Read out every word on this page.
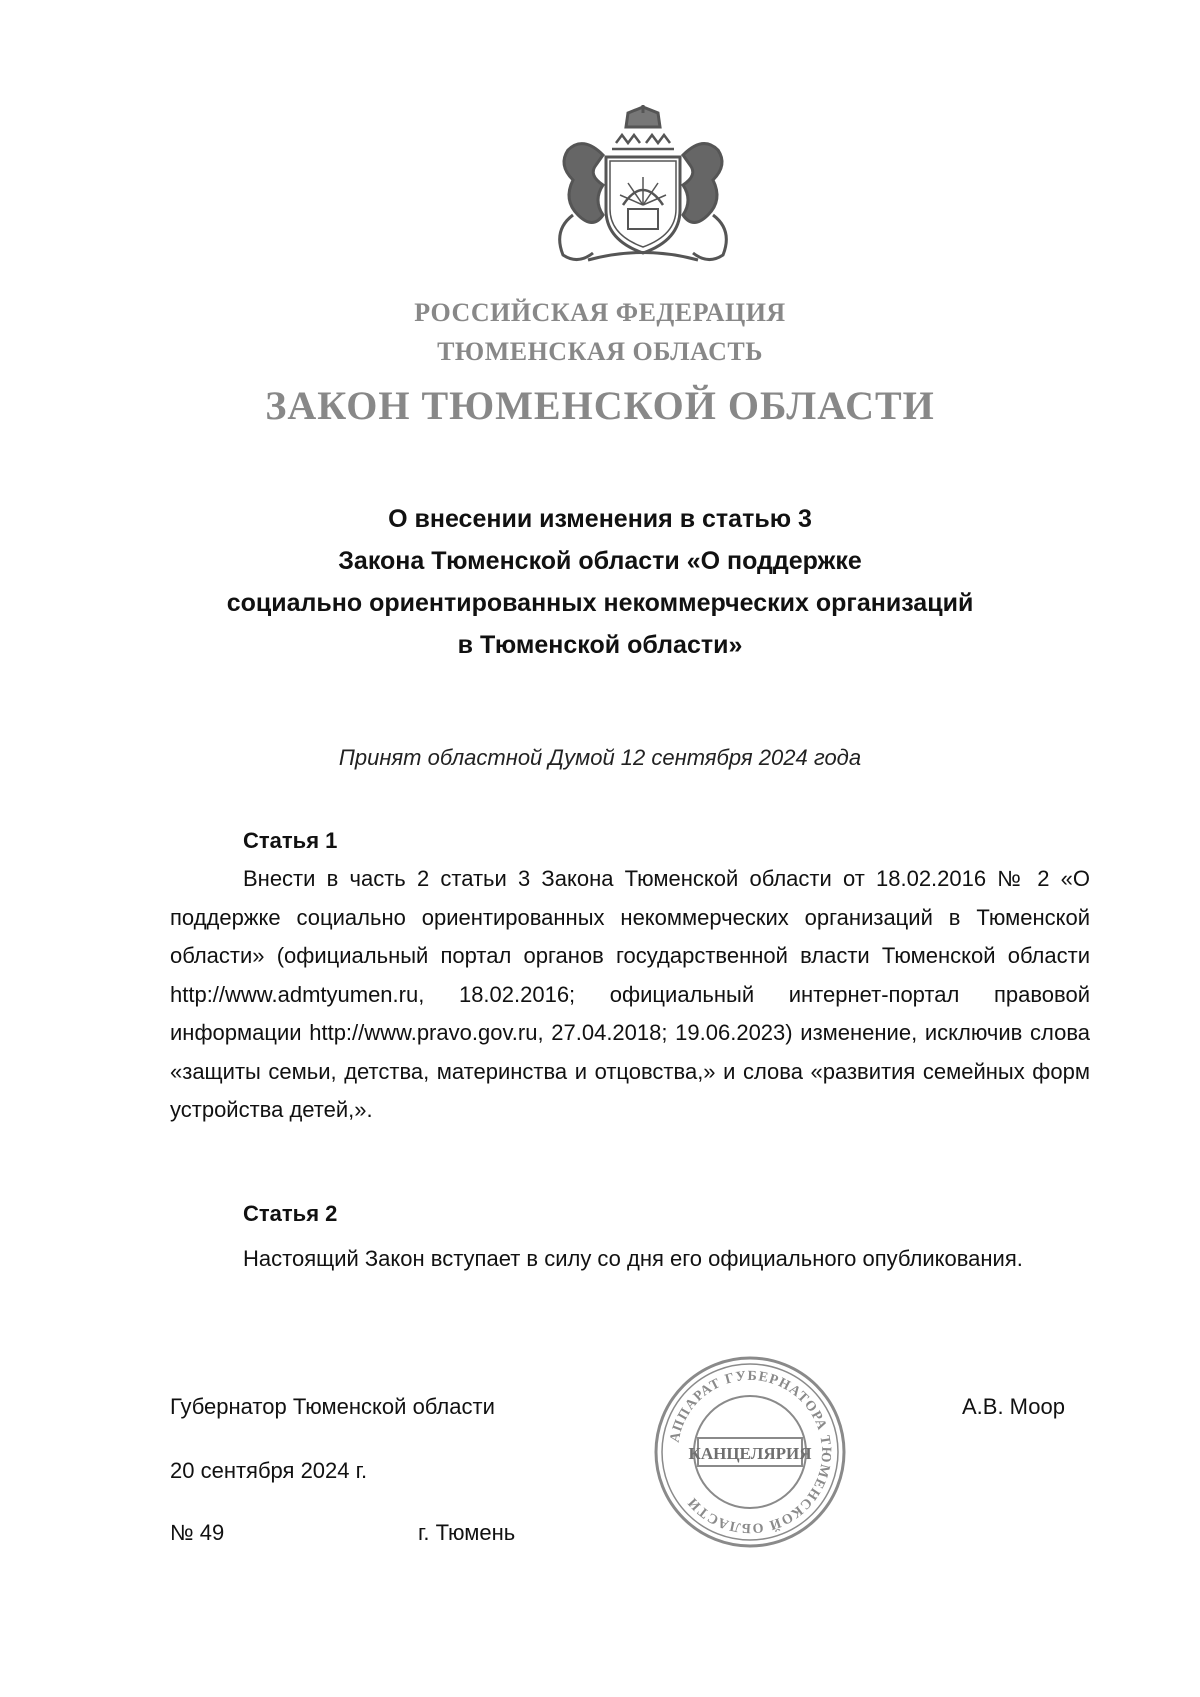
РОССИЙСКАЯ ФЕДЕРАЦИЯ
ТЮМЕНСКАЯ ОБЛАСТЬ
ЗАКОН ТЮМЕНСКОЙ ОБЛАСТИ
О внесении изменения в статью 3
Закона Тюменской области «О поддержке
социально ориентированных некоммерческих организаций
в Тюменской области»
Принят областной Думой 12 сентября 2024 года
Статья 1
Внести в часть 2 статьи 3 Закона Тюменской области от 18.02.2016 № 2 «О поддержке социально ориентированных некоммерческих организаций в Тюменской области» (официальный портал органов государственной власти Тюменской области http://www.admtyumen.ru, 18.02.2016; официальный интернет-портал правовой информации http://www.pravo.gov.ru, 27.04.2018; 19.06.2023) изменение, исключив слова «защиты семьи, детства, материнства и отцовства,» и слова «развития семейных форм устройства детей,».
Статья 2
Настоящий Закон вступает в силу со дня его официального опубликования.
Губернатор Тюменской области	А.В. Моор
20 сентября 2024 г.
№ 49	г. Тюмень
АППАРАТ ГУБЕРНАТОРА ТЮМЕНСКОЙ ОБЛАСТИ
КАНЦЕЛЯРИЯ
